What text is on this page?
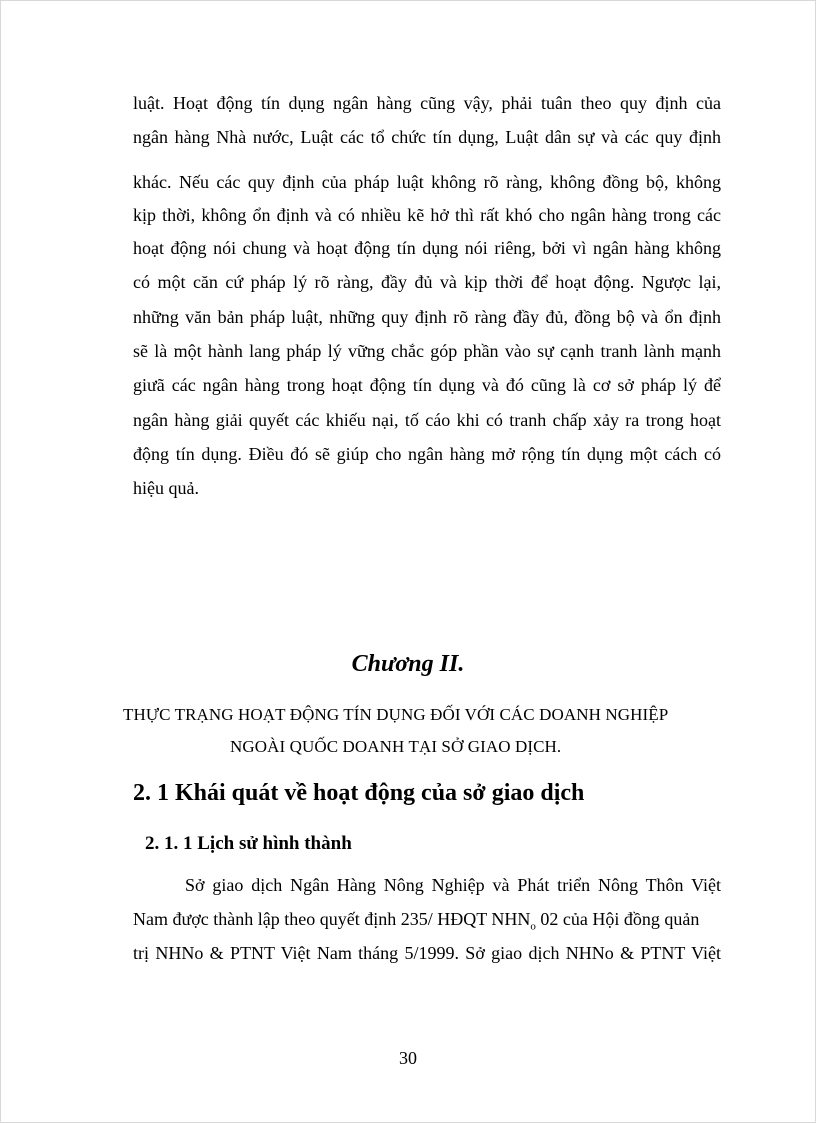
luật. Hoạt động tín dụng ngân hàng cũng vậy, phải tuân theo quy định của
ngân hàng Nhà nước, Luật các tổ chức tín dụng, Luật dân sự và các quy định
khác. Nếu các quy định của pháp luật không rõ ràng, không đồng bộ, không
kịp thời, không ổn định và có nhiều kẽ hở thì rất khó cho ngân hàng trong các
hoạt động nói chung và hoạt động tín dụng nói riêng, bởi vì ngân hàng không
có một căn cứ pháp lý rõ ràng, đầy đủ và kịp thời để hoạt động. Ngược lại,
những văn bản pháp luật, những quy định rõ ràng đầy đủ, đồng bộ và ổn định
sẽ là một hành lang pháp lý vững chắc góp phần vào sự cạnh tranh lành mạnh
giưã các ngân hàng trong hoạt động tín dụng và đó cũng là cơ sở pháp lý để
ngân hàng giải quyết các khiếu nại, tố cáo khi có tranh chấp xảy ra trong hoạt
động tín dụng. Điều đó sẽ giúp cho ngân hàng mở rộng tín dụng một cách có
hiệu quả.
Chương II.
THỰC TRẠNG HOẠT ĐỘNG TÍN DỤNG ĐỐI VỚI CÁC DOANH NGHIỆP
NGOÀI QUỐC DOANH TẠI SỞ GIAO DỊCH.
2. 1 Khái quát về hoạt động của sở giao dịch
2. 1. 1 Lịch sử hình thành
Sở giao dịch Ngân Hàng Nông Nghiệp và Phát triển Nông Thôn Việt
Nam được thành lập theo quyết định 235/ HĐQT $NHN_o$ 02 của Hội đồng quản
trị NHNo & PTNT Việt Nam tháng 5/1999. Sở giao dịch NHNo & PTNT Việt
30
